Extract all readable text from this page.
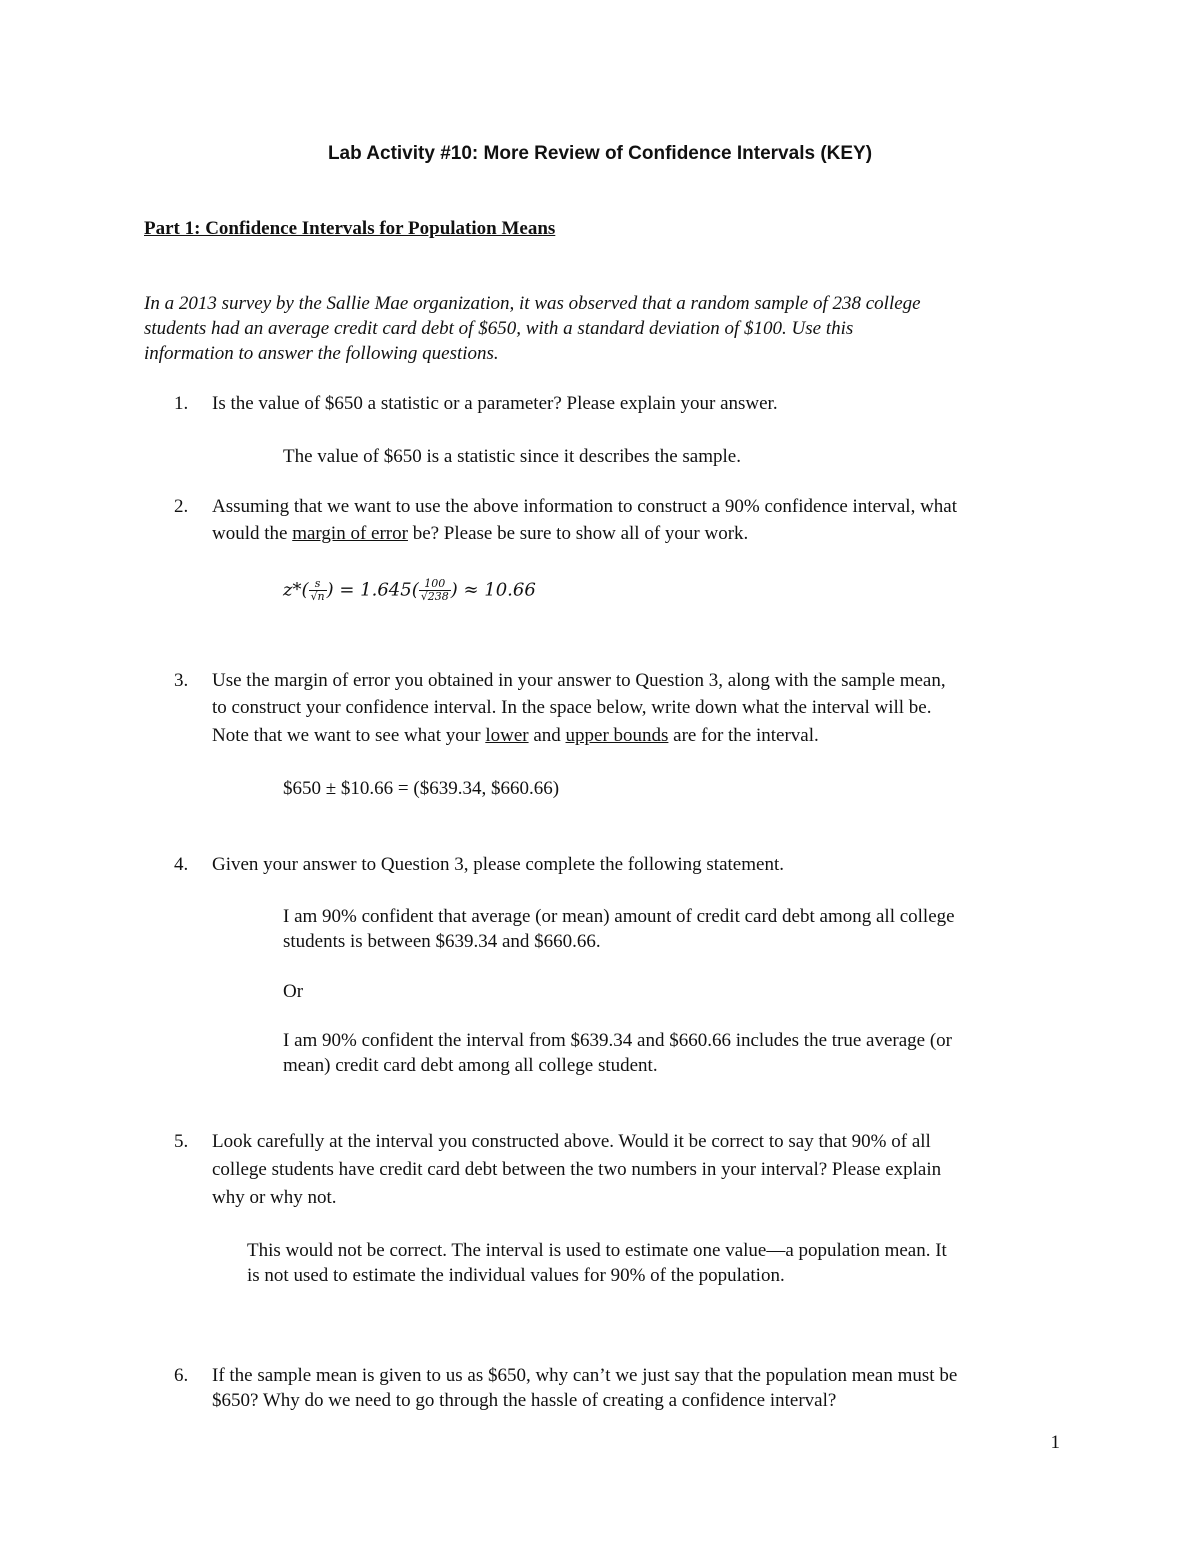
Lab Activity #10: More Review of Confidence Intervals (KEY)
Part 1: Confidence Intervals for Population Means
In a 2013 survey by the Sallie Mae organization, it was observed that a random sample of 238 college
students had an average credit card debt of $650, with a standard deviation of $100. Use this
information to answer the following questions.
1. Is the value of $650 a statistic or a parameter? Please explain your answer.
The value of $650 is a statistic since it describes the sample.
2. Assuming that we want to use the above information to construct a 90% confidence interval, what
would the margin of error be? Please be sure to show all of your work.
$z*( \frac{s}{√n}$ ) = $1.645( \frac{100}{√238}$ ) ≈ 10.66
3. Use the margin of error you obtained in your answer to Question 3, along with the sample mean,
to construct your confidence interval. In the space below, write down what the interval will be.
Note that we want to see what your lower and upper bounds are for the interval.
$650 ± $10.66 = ($639.34, $660.66)
4. Given your answer to Question 3, please complete the following statement.
I am 90% confident that average (or mean) amount of credit card debt among all college
students is between $639.34 and $660.66.
Or
I am 90% confident the interval from $639.34 and $660.66 includes the true average (or
mean) credit card debt among all college student.
5. Look carefully at the interval you constructed above. Would it be correct to say that 90% of all
college students have credit card debt between the two numbers in your interval? Please explain
why or why not.
This would not be correct. The interval is used to estimate one value—a population mean. It
is not used to estimate the individual values for 90% of the population.
6. If the sample mean is given to us as $650, why can’t we just say that the population mean must be
$650? Why do we need to go through the hassle of creating a confidence interval?
1
